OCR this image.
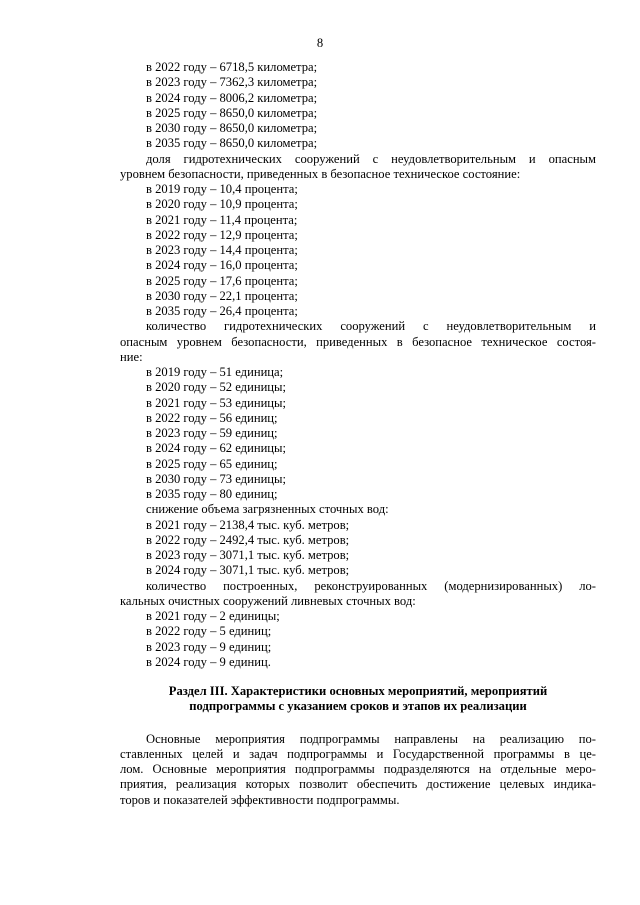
8
в 2022 году – 6718,5 километра;
в 2023 году – 7362,3 километра;
в 2024 году – 8006,2 километра;
в 2025 году – 8650,0 километра;
в 2030 году – 8650,0 километра;
в 2035 году – 8650,0 километра;
доля гидротехнических сооружений с неудовлетворительным и опасным
уровнем безопасности, приведенных в безопасное техническое состояние:
в 2019 году – 10,4 процента;
в 2020 году – 10,9 процента;
в 2021 году – 11,4 процента;
в 2022 году – 12,9 процента;
в 2023 году – 14,4 процента;
в 2024 году – 16,0 процента;
в 2025 году – 17,6 процента;
в 2030 году – 22,1 процента;
в 2035 году – 26,4 процента;
количество гидротехнических сооружений с неудовлетворительным и
опасным уровнем безопасности, приведенных в безопасное техническое состоя-
ние:
в 2019 году – 51 единица;
в 2020 году – 52 единицы;
в 2021 году – 53 единицы;
в 2022 году – 56 единиц;
в 2023 году – 59 единиц;
в 2024 году – 62 единицы;
в 2025 году – 65 единиц;
в 2030 году – 73 единицы;
в 2035 году – 80 единиц;
снижение объема загрязненных сточных вод:
в 2021 году – 2138,4 тыс. куб. метров;
в 2022 году – 2492,4 тыс. куб. метров;
в 2023 году – 3071,1 тыс. куб. метров;
в 2024 году – 3071,1 тыс. куб. метров;
количество построенных, реконструированных (модернизированных) ло-
кальных очистных сооружений ливневых сточных вод:
в 2021 году – 2 единицы;
в 2022 году – 5 единиц;
в 2023 году – 9 единиц;
в 2024 году – 9 единиц.
Раздел III. Характеристики основных мероприятий, мероприятий
подпрограммы с указанием сроков и этапов их реализации
Основные мероприятия подпрограммы направлены на реализацию по-
ставленных целей и задач подпрограммы и Государственной программы в це-
лом. Основные мероприятия подпрограммы подразделяются на отдельные меро-
приятия, реализация которых позволит обеспечить достижение целевых индика-
торов и показателей эффективности подпрограммы.
